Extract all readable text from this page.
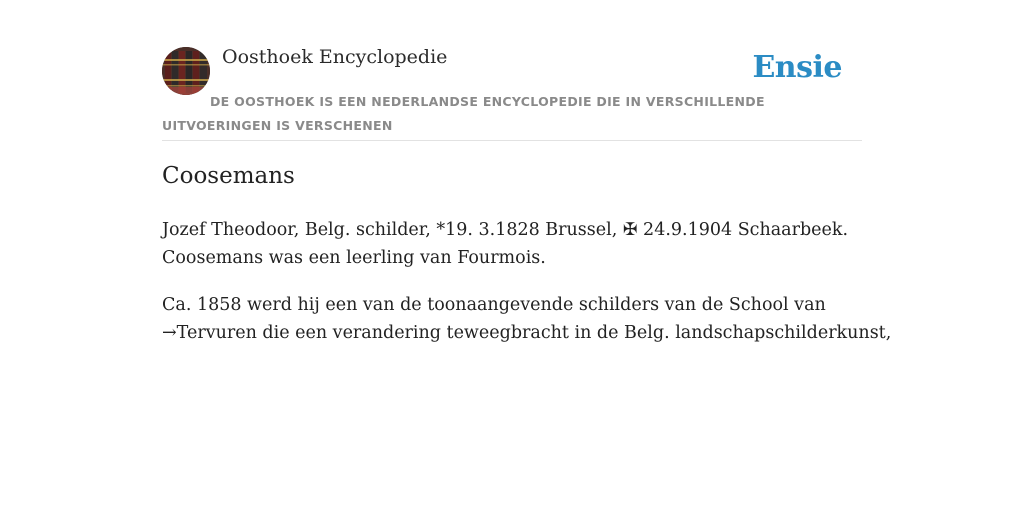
Oosthoek Encyclopedie	Ensie
DE OOSTHOEK IS EEN NEDERLANDSE ENCYCLOPEDIE DIE IN VERSCHILLENDE UITVOERINGEN IS VERSCHENEN
Coosemans

Jozef Theodoor, Belg. schilder, *19. 3.1828 Brussel, ✠ 24.9.1904 Schaarbeek.
Coosemans was een leerling van Fourmois.

Ca. 1858 werd hij een van de toonaangevende schilders van de School van
→Tervuren die een verandering teweegbracht in de Belg. landschapschilderkunst,
